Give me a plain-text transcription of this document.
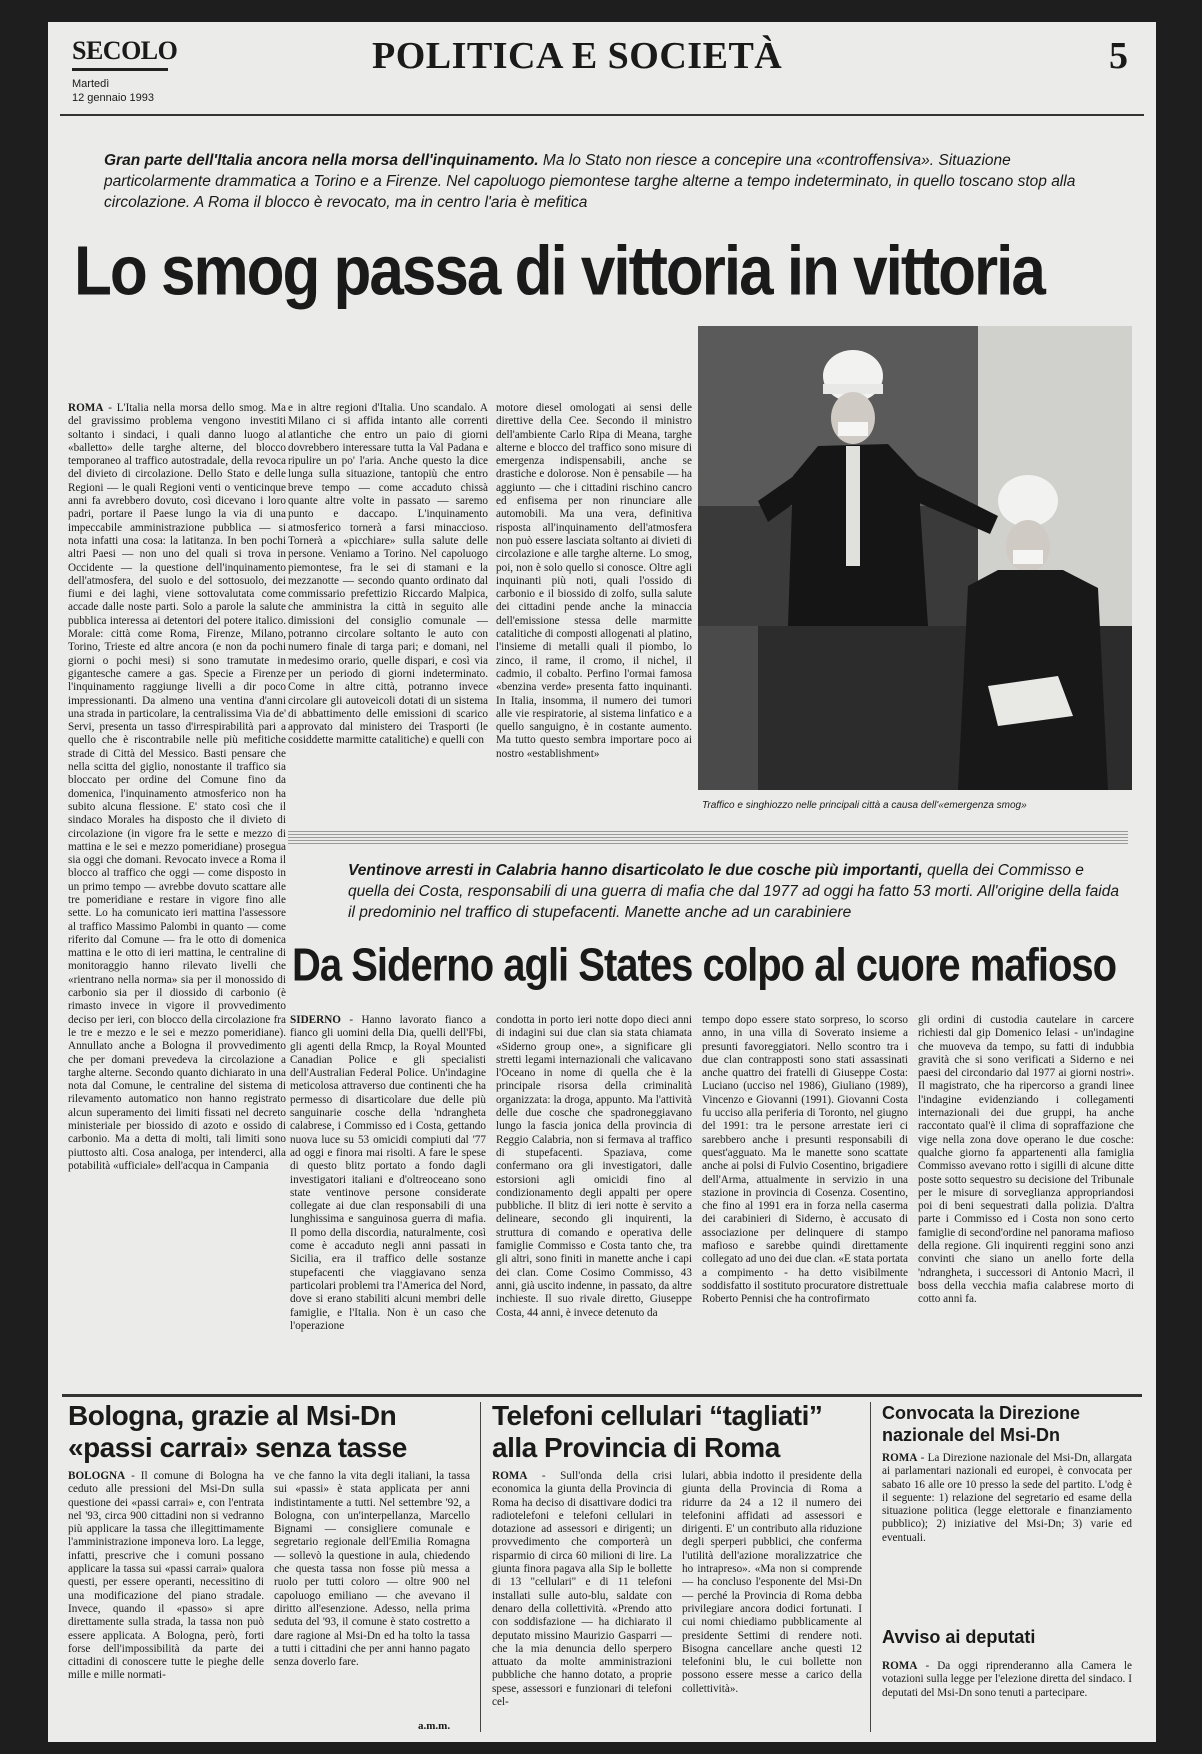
SECOLO
Martedì
12 gennaio 1993
POLITICA E SOCIETÀ	5
Gran parte dell'Italia ancora nella morsa dell'inquinamento. Ma lo Stato non riesce a concepire una «controffensiva». Situazione particolarmente drammatica a Torino e a Firenze. Nel capoluogo piemontese targhe alterne a tempo indeterminato, in quello toscano stop alla circolazione. A Roma il blocco è revocato, ma in centro l'aria è mefitica
Lo smog passa di vittoria in vittoria
ROMA - L'Italia nella morsa dello smog. Ma del gravissimo problema vengono investiti soltanto i sindaci, i quali danno luogo al «balletto» delle targhe alterne, del blocco temporaneo al traffico autostradale, della revoca del divieto di circolazione. Dello Stato e delle Regioni — le quali Regioni venti o venticinque anni fa avrebbero dovuto, così dicevano i loro padri, portare il Paese lungo la via di una impeccabile amministrazione pubblica — si nota infatti una cosa: la latitanza. In ben pochi altri Paesi — non uno del quali si trova in Occidente — la questione dell'inquinamento dell'atmosfera, del suolo e del sottosuolo, dei fiumi e dei laghi, viene sottovalutata come accade dalle noste parti. Solo a parole la salute pubblica interessa ai detentori del potere italico. Morale: città come Roma, Firenze, Milano, Torino, Trieste ed altre ancora (e non da pochi giorni o pochi mesi) si sono tramutate in gigantesche camere a gas. Specie a Firenze l'inquinamento raggiunge livelli a dir poco impressionanti. Da almeno una ventina d'anni una strada in particolare, la centralissima Via de' Servi, presenta un tasso d'irrespirabilità pari a quello che è riscontrabile nelle più mefitiche strade di Città del Messico. Basti pensare che nella scitta del giglio, nonostante il traffico sia bloccato per ordine del Comune fino da domenica, l'inquinamento atmosferico non ha subito alcuna flessione. E' stato così che il sindaco Morales ha disposto che il divieto di circolazione (in vigore fra le sette e mezzo di mattina e le sei e mezzo pomeridiane) prosegua sia oggi che domani. Revocato invece a Roma il blocco al traffico che oggi — come disposto in un primo tempo — avrebbe dovuto scattare alle tre pomeridiane e restare in vigore fino alle sette. Lo ha comunicato ieri mattina l'assessore al traffico Massimo Palombi in quanto — come riferito dal Comune — fra le otto di domenica mattina e le otto di ieri mattina, le centraline di monitoraggio hanno rilevato livelli che «rientrano nella norma» sia per il monossido di carbonio sia per il diossido di carbonio (è rimasto invece in vigore il provvedimento deciso per ieri, con blocco della circolazione fra le tre e mezzo e le sei e mezzo pomeridiane). Annullato anche a Bologna il provvedimento che per domani prevedeva la circolazione a targhe alterne. Secondo quanto dichiarato in una nota dal Comune, le centraline del sistema di rilevamento automatico non hanno registrato alcun superamento dei limiti fissati nel decreto ministeriale per biossido di azoto e ossido di carbonio. Ma a detta di molti, tali limiti sono piuttosto alti. Cosa analoga, per intenderci, alla potabilità «ufficiale» dell'acqua in Campania
e in altre regioni d'Italia. Uno scandalo. A Milano ci si affida intanto alle correnti atlantiche che entro un paio di giorni dovrebbero interessare tutta la Val Padana e ripulire un po' l'aria. Anche questo la dice lunga sulla situazione, tantopiù che entro breve tempo — come accaduto chissà quante altre volte in passato — saremo punto e daccapo. L'inquinamento atmosferico tornerà a farsi minaccioso. Tornerà a «picchiare» sulla salute delle persone. Veniamo a Torino. Nel capoluogo piemontese, fra le sei di stamani e la mezzanotte — secondo quanto ordinato dal commissario prefettizio Riccardo Malpica, che amministra la città in seguito alle dimissioni del consiglio comunale — potranno circolare soltanto le auto con numero finale di targa pari; e domani, nel medesimo orario, quelle dispari, e così via per un periodo di giorni indeterminato. Come in altre città, potranno invece circolare gli autoveicoli dotati di un sistema di abbattimento delle emissioni di scarico approvato dal ministero dei Trasporti (le cosiddette marmitte catalitiche) e quelli con
motore diesel omologati ai sensi delle direttive della Cee. Secondo il ministro dell'ambiente Carlo Ripa di Meana, targhe alterne e blocco del traffico sono misure di emergenza indispensabili, anche se drastiche e dolorose. Non è pensabile — ha aggiunto — che i cittadini rischino cancro ed enfisema per non rinunciare alle automobili. Ma una vera, definitiva risposta all'inquinamento dell'atmosfera non può essere lasciata soltanto ai divieti di circolazione e alle targhe alterne. Lo smog, poi, non è solo quello si conosce. Oltre agli inquinanti più noti, quali l'ossido di carbonio e il biossido di zolfo, sulla salute dei cittadini pende anche la minaccia dell'emissione stessa delle marmitte catalitiche di composti allogenati al platino, l'insieme di metalli quali il piombo, lo zinco, il rame, il cromo, il nichel, il cadmio, il cobalto. Perfino l'ormai famosa «benzina verde» presenta fatto inquinanti. In Italia, insomma, il numero dei tumori alle vie respiratorie, al sistema linfatico e a quello sanguigno, è in costante aumento. Ma tutto questo sembra importare poco ai nostro «establishment»
Traffico e singhiozzo nelle principali città a causa dell'«emergenza smog»
Ventinove arresti in Calabria hanno disarticolato le due cosche più importanti, quella dei Commisso e quella dei Costa, responsabili di una guerra di mafia che dal 1977 ad oggi ha fatto 53 morti. All'origine della faida il predominio nel traffico di stupefacenti. Manette anche ad un carabiniere
Da Siderno agli States colpo al cuore mafioso
SIDERNO - Hanno lavorato fianco a fianco gli uomini della Dia, quelli dell'Fbi, gli agenti della Rmcp, la Royal Mounted Canadian Police e gli specialisti dell'Australian Federal Police. Un'indagine meticolosa attraverso due continenti che ha permesso di disarticolare due delle più sanguinarie cosche della 'ndrangheta calabrese, i Commisso ed i Costa, gettando nuova luce su 53 omicidi compiuti dal '77 ad oggi e finora mai risolti. A fare le spese di questo blitz portato a fondo dagli investigatori italiani e d'oltreoceano sono state ventinove persone considerate collegate ai due clan responsabili di una lunghissima e sanguinosa guerra di mafia. Il pomo della discordia, naturalmente, così come è accaduto negli anni passati in Sicilia, era il traffico delle sostanze stupefacenti che viaggiavano senza particolari problemi tra l'America del Nord, dove si erano stabiliti alcuni membri delle famiglie, e l'Italia. Non è un caso che l'operazione
condotta in porto ieri notte dopo dieci anni di indagini sui due clan sia stata chiamata «Siderno group one», a significare gli stretti legami internazionali che valicavano l'Oceano in nome di quella che è la principale risorsa della criminalità organizzata: la droga, appunto. Ma l'attività delle due cosche che spadroneggiavano lungo la fascia jonica della provincia di Reggio Calabria, non si fermava al traffico di stupefacenti. Spaziava, come confermano ora gli investigatori, dalle estorsioni agli omicidi fino al condizionamento degli appalti per opere pubbliche. Il blitz di ieri notte è servito a delineare, secondo gli inquirenti, la struttura di comando e operativa delle famiglie Commisso e Costa tanto che, tra gli altri, sono finiti in manette anche i capi dei clan. Come Cosimo Commisso, 43 anni, già uscito indenne, in passato, da altre inchieste. Il suo rivale diretto, Giuseppe Costa, 44 anni, è invece detenuto da
tempo dopo essere stato sorpreso, lo scorso anno, in una villa di Soverato insieme a presunti favoreggiatori. Nello scontro tra i due clan contrapposti sono stati assassinati anche quattro dei fratelli di Giuseppe Costa: Luciano (ucciso nel 1986), Giuliano (1989), Vincenzo e Giovanni (1991). Giovanni Costa fu ucciso alla periferia di Toronto, nel giugno del 1991: tra le persone arrestate ieri ci sarebbero anche i presunti responsabili di quest'agguato. Ma le manette sono scattate anche ai polsi di Fulvio Cosentino, brigadiere dell'Arma, attualmente in servizio in una stazione in provincia di Cosenza. Cosentino, che fino al 1991 era in forza nella caserma dei carabinieri di Siderno, è accusato di associazione per delinquere di stampo mafioso e sarebbe quindi direttamente collegato ad uno dei due clan. «E stata portata a compimento - ha detto visibilmente soddisfatto il sostituto procuratore distrettuale Roberto Pennisi che ha controfirmato
gli ordini di custodia cautelare in carcere richiesti dal gip Domenico Ielasi - un'indagine che muoveva da tempo, su fatti di indubbia gravità che si sono verificati a Siderno e nei paesi del circondario dal 1977 ai giorni nostri». Il magistrato, che ha ripercorso a grandi linee l'indagine evidenziando i collegamenti internazionali dei due gruppi, ha anche raccontato qual'è il clima di sopraffazione che vige nella zona dove operano le due cosche: qualche giorno fa appartenenti alla famiglia Commisso avevano rotto i sigilli di alcune ditte poste sotto sequestro su decisione del Tribunale per le misure di sorveglianza appropriandosi poi di beni sequestrati dalla polizia. D'altra parte i Commisso ed i Costa non sono certo famiglie di second'ordine nel panorama mafioso della regione. Gli inquirenti reggini sono anzi convinti che siano un anello forte della 'ndrangheta, i successori di Antonio Macrì, il boss della vecchia mafia calabrese morto di cotto anni fa.
Bologna, grazie al Msi-Dn «passi carrai» senza tasse
BOLOGNA - Il comune di Bologna ha ceduto alle pressioni del Msi-Dn sulla questione dei «passi carrai» e, con l'entrata nel '93, circa 900 cittadini non si vedranno più applicare la tassa che illegittimamente l'amministrazione imponeva loro. La legge, infatti, prescrive che i comuni possano applicare la tassa sui «passi carrai» qualora questi, per essere operanti, necessitino di una modificazione del piano stradale. Invece, quando il «passo» si apre direttamente sulla strada, la tassa non può essere applicata. A Bologna, però, forti forse dell'impossibilità da parte dei cittadini di conoscere tutte le pieghe delle mille e mille normati-
ve che fanno la vita degli italiani, la tassa sui «passi» è stata applicata per anni indistintamente a tutti. Nel settembre '92, a Bologna, con un'interpellanza, Marcello Bignami — consigliere comunale e segretario regionale dell'Emilia Romagna — sollevò la questione in aula, chiedendo che questa tassa non fosse più messa a ruolo per tutti coloro — oltre 900 nel capoluogo emiliano — che avevano il diritto all'esenzione. Adesso, nella prima seduta del '93, il comune è stato costretto a dare ragione al Msi-Dn ed ha tolto la tassa a tutti i cittadini che per anni hanno pagato senza doverlo fare.
a.m.m.
Telefoni cellulari “tagliati” alla Provincia di Roma
ROMA - Sull'onda della crisi economica la giunta della Provincia di Roma ha deciso di disattivare dodici tra radiotelefoni e telefoni cellulari in dotazione ad assessori e dirigenti; un provvedimento che comporterà un risparmio di circa 60 milioni di lire. La giunta finora pagava alla Sip le bollette di 13 "cellulari" e di 11 telefoni installati sulle auto-blu, saldate con denaro della collettività. «Prendo atto con soddisfazione — ha dichiarato il deputato missino Maurizio Gasparri — che la mia denuncia dello sperpero attuato da molte amministrazioni pubbliche che hanno dotato, a proprie spese, assessori e funzionari di telefoni cel-
lulari, abbia indotto il presidente della giunta della Provincia di Roma a ridurre da 24 a 12 il numero dei telefonini affidati ad assessori e dirigenti. E' un contributo alla riduzione degli sperperi pubblici, che conferma l'utilità dell'azione moralizzatrice che ho intrapreso». «Ma non si comprende — ha concluso l'esponente del Msi-Dn — perché la Provincia di Roma debba privilegiare ancora dodici fortunati. I cui nomi chiediamo pubblicamente al presidente Settimi di rendere noti. Bisogna cancellare anche questi 12 telefonini blu, le cui bollette non possono essere messe a carico della collettività».
Convocata la Direzione nazionale del Msi-Dn
ROMA - La Direzione nazionale del Msi-Dn, allargata ai parlamentari nazionali ed europei, è convocata per sabato 16 alle ore 10 presso la sede del partito. L'odg è il seguente: 1) relazione del segretario ed esame della situazione politica (legge elettorale e finanziamento pubblico); 2) iniziative del Msi-Dn; 3) varie ed eventuali.
Avviso ai deputati
ROMA - Da oggi riprenderanno alla Camera le votazioni sulla legge per l'elezione diretta del sindaco. I deputati del Msi-Dn sono tenuti a partecipare.
